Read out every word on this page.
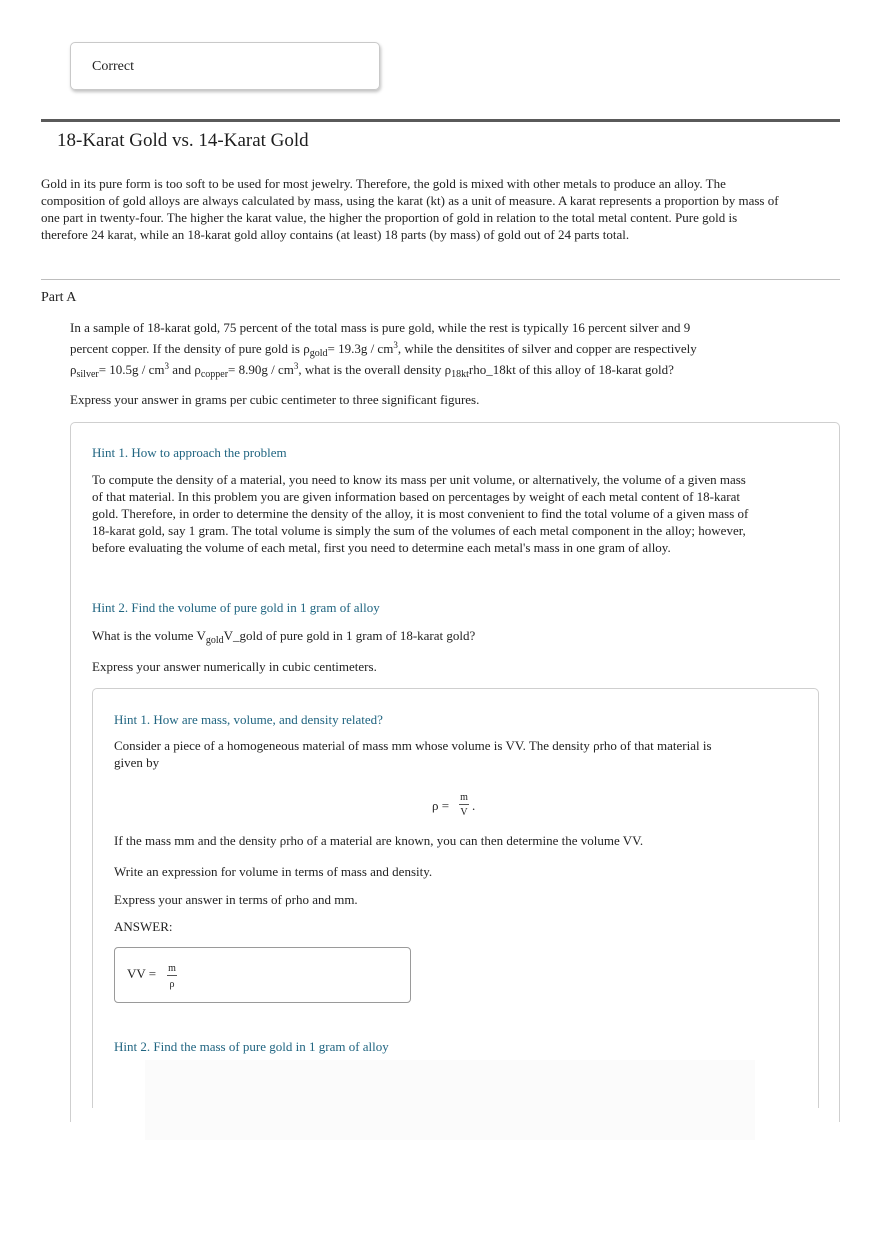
Correct
18-Karat Gold vs. 14-Karat Gold
Gold in its pure form is too soft to be used for most jewelry. Therefore, the gold is mixed with other metals to produce an alloy. The composition of gold alloys are always calculated by mass, using the karat (kt) as a unit of measure. A karat represents a proportion by mass of one part in twenty-four. The higher the karat value, the higher the proportion of gold in relation to the total metal content. Pure gold is therefore 24 karat, while an 18-karat gold alloy contains (at least) 18 parts (by mass) of gold out of 24 parts total.
Part A
In a sample of 18-karat gold, 75 percent of the total mass is pure gold, while the rest is typically 16 percent silver and 9
percent copper. If the density of pure gold is $\rho_{gold}= 19.3g / cm^3$, while the densitites of silver and copper are respectively
$\rho_{silver}= 10.5g / cm^3$ and $\rho_{copper}= 8.90g / cm^3$, what is the overall density $\rho_{18kt}rho\_18kt$ of this alloy of 18-karat gold?
Express your answer in grams per cubic centimeter to three significant figures.
Hint 1. How to approach the problem
To compute the density of a material, you need to know its mass per unit volume, or alternatively, the volume of a given mass of that material. In this problem you are given information based on percentages by weight of each metal content of 18-karat gold. Therefore, in order to determine the density of the alloy, it is most convenient to find the total volume of a given mass of 18-karat gold, say 1 gram. The total volume is simply the sum of the volumes of each metal component in the alloy; however, before evaluating the volume of each metal, first you need to determine each metal's mass in one gram of alloy.
Hint 2. Find the volume of pure gold in 1 gram of alloy
What is the volume $V_{gold}V\_gold$ of pure gold in 1 gram of 18-karat gold?
Express your answer numerically in cubic centimeters.
Hint 1. How are mass, volume, and density related?
Consider a piece of a homogeneous material of mass mm whose volume is VV. The density ρrho of that material is given by
ρ =
m
V .
If the mass mm and the density ρrho of a material are known, you can then determine the volume VV.
Write an expression for volume in terms of mass and density.
Express your answer in terms of ρrho and mm.
ANSWER:
VV =	m
ρ
Hint 2. Find the mass of pure gold in 1 gram of alloy
